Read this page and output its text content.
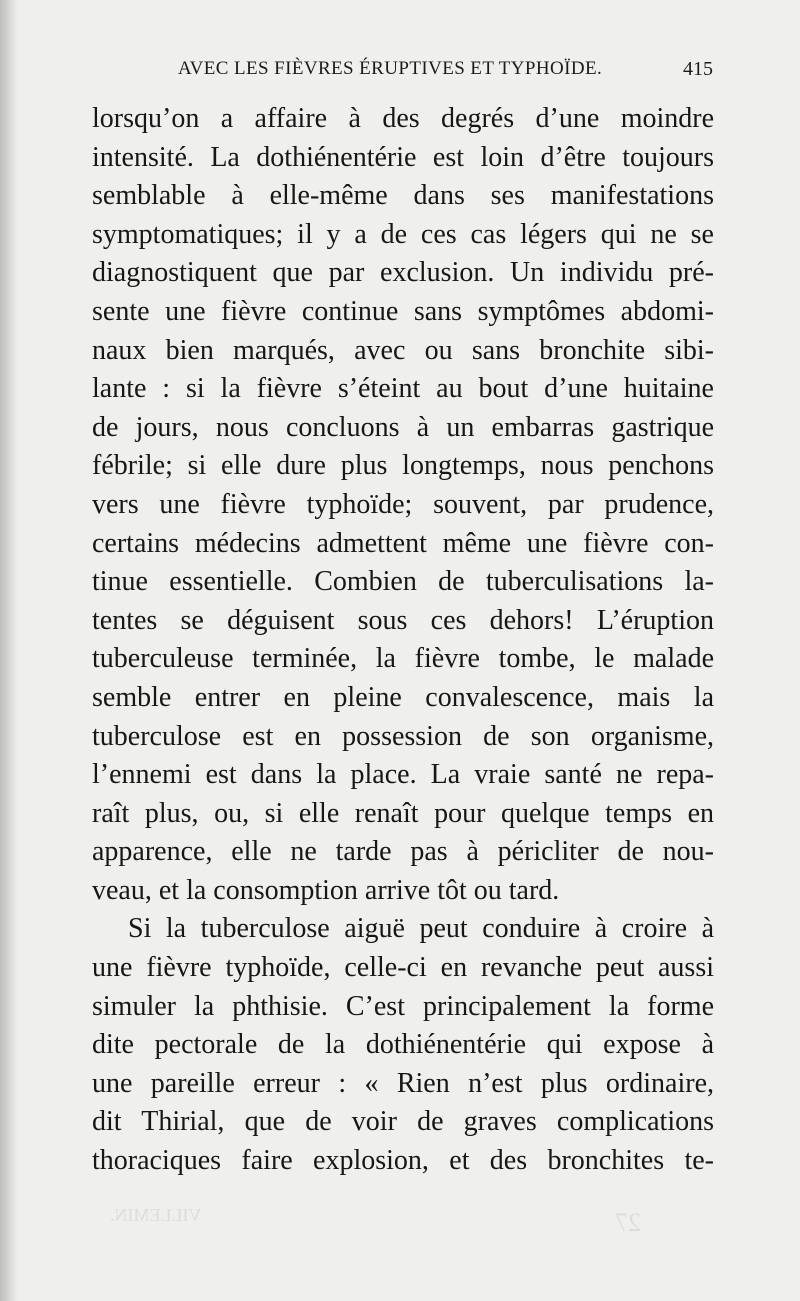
AVEC LES FIÈVRES ÉRUPTIVES ET TYPHOÏDE.	415
lorsqu’on a affaire à des degrés d’une moindre
intensité. La dothiénentérie est loin d’être toujours
semblable à elle-même dans ses manifestations
symptomatiques; il y a de ces cas légers qui ne se
diagnostiquent que par exclusion. Un individu pré-
sente une fièvre continue sans symptômes abdomi-
naux bien marqués, avec ou sans bronchite sibi-
lante : si la fièvre s’éteint au bout d’une huitaine
de jours, nous concluons à un embarras gastrique
fébrile; si elle dure plus longtemps, nous penchons
vers une fièvre typhoïde; souvent, par prudence,
certains médecins admettent même une fièvre con-
tinue essentielle. Combien de tuberculisations la-
tentes se déguisent sous ces dehors! L’éruption
tuberculeuse terminée, la fièvre tombe, le malade
semble entrer en pleine convalescence, mais la
tuberculose est en possession de son organisme,
l’ennemi est dans la place. La vraie santé ne repa-
raît plus, ou, si elle renaît pour quelque temps en
apparence, elle ne tarde pas à péricliter de nou-
veau, et la consomption arrive tôt ou tard.
Si la tuberculose aiguë peut conduire à croire à
une fièvre typhoïde, celle-ci en revanche peut aussi
simuler la phthisie. C’est principalement la forme
dite pectorale de la dothiénentérie qui expose à
une pareille erreur : « Rien n’est plus ordinaire,
dit Thirial, que de voir de graves complications
thoraciques faire explosion, et des bronchites te-
VILLEMIN.	27
